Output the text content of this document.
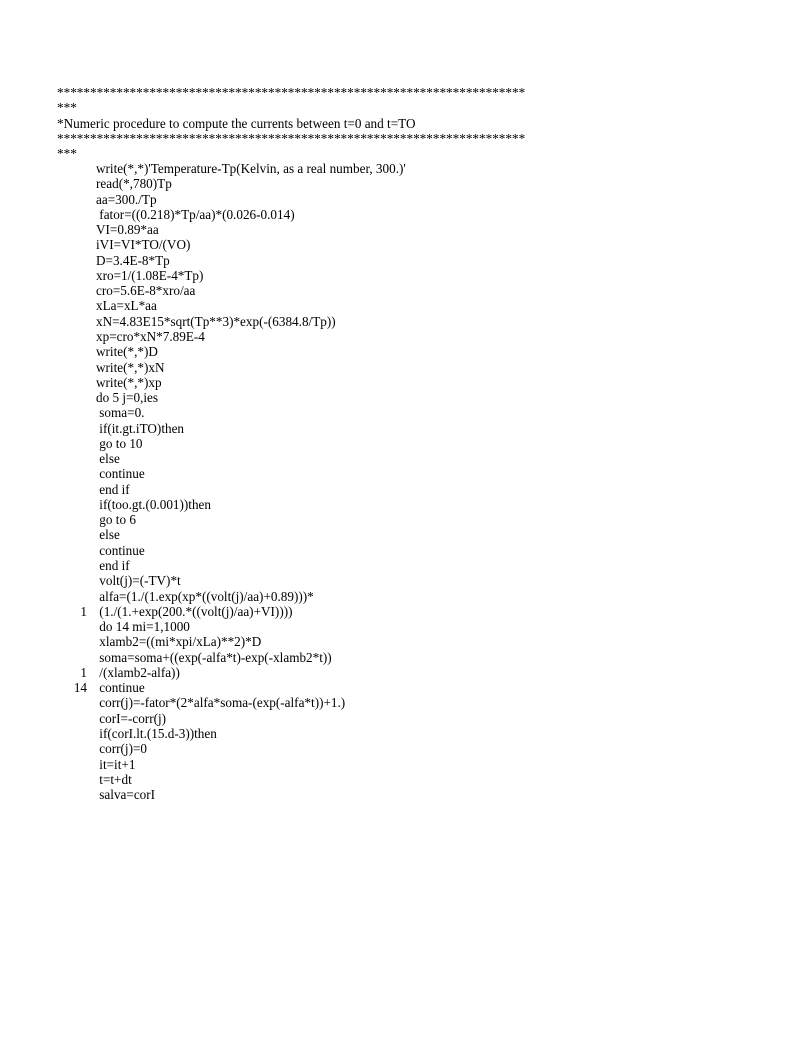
***********************************************************************
***
*Numeric procedure to compute the currents between t=0 and t=TO
***********************************************************************
***
write(*,*)'Temperature-Tp(Kelvin, as a real number, 300.)'
read(*,780)Tp
aa=300./Tp
fator=((0.218)*Tp/aa)*(0.026-0.014)
VI=0.89*aa
iVI=VI*TO/(VO)
D=3.4E-8*Tp
xro=1/(1.08E-4*Tp)
cro=5.6E-8*xro/aa
xLa=xL*aa
xN=4.83E15*sqrt(Tp**3)*exp(-(6384.8/Tp))
xp=cro*xN*7.89E-4
write(*,*)D
write(*,*)xN
write(*,*)xp
do 5 j=0,ies
soma=0.
if(it.gt.iTO)then
go to 10
else
continue
end if
if(too.gt.(0.001))then
go to 6
else
continue
end if
volt(j)=(-TV)*t
alfa=(1./(1.exp(xp*((volt(j)/aa)+0.89)))*
1 (1./(1.+exp(200.*((volt(j)/aa)+VI))))
do 14 mi=1,1000
xlamb2=((mi*xpi/xLa)**2)*D
soma=soma+((exp(-alfa*t)-exp(-xlamb2*t))
1 /(xlamb2-alfa))
14 continue
corr(j)=-fator*(2*alfa*soma-(exp(-alfa*t))+1.)
corI=-corr(j)
if(corI.lt.(15.d-3))then
corr(j)=0
it=it+1
t=t+dt
salva=corI
